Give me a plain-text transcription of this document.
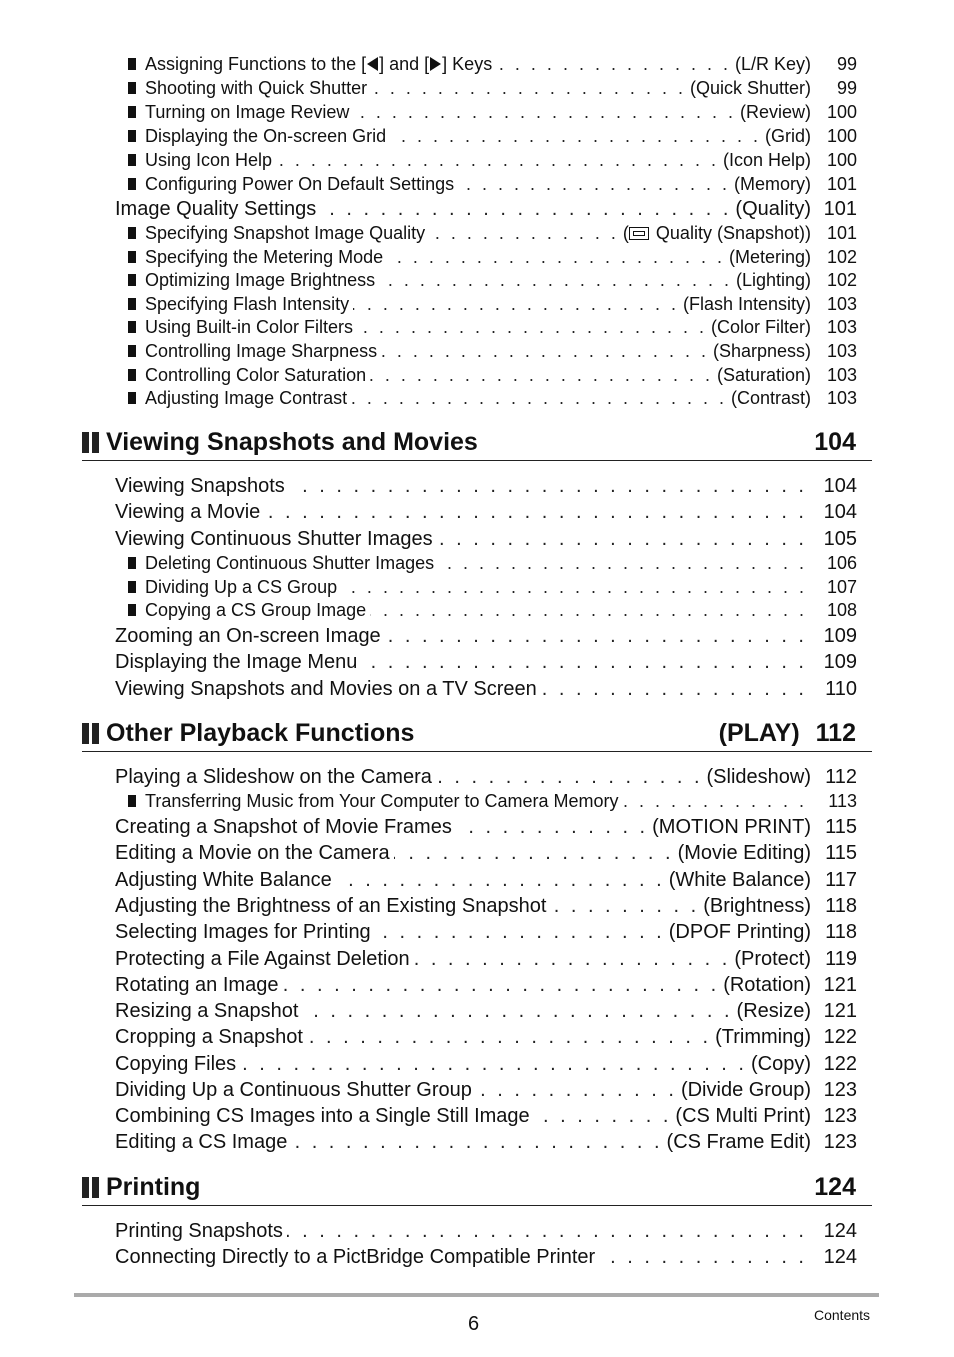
6	Contents
Assigning Functions to the [ ] and [ ] Keys . . .	(L/R Key)	99
Shooting with Quick Shutter . . .	(Quick Shutter)	99
Turning on Image Review . . .	(Review) 100
Displaying the On-screen Grid . . .	(Grid) 100
Using Icon Help . . .	(Icon Help) 100
Configuring Power On Default Settings . . .	(Memory) 101
Image Quality Settings . . .	(Quality) 101
Specifying Snapshot Image Quality . . .	( Quality (Snapshot)) 101
Specifying the Metering Mode . . .	(Metering) 102
Optimizing Image Brightness . . .	(Lighting) 102
Specifying Flash Intensity . . .	(Flash Intensity) 103
Using Built-in Color Filters . . .	(Color Filter) 103
Controlling Image Sharpness . . .	(Sharpness) 103
Controlling Color Saturation . . .	(Saturation) 103
Adjusting Image Contrast . . .	(Contrast) 103
Viewing Snapshots and Movies	104
Viewing Snapshots . . .	104
Viewing a Movie . . .	104
Viewing Continuous Shutter Images . . .	105
Deleting Continuous Shutter Images . . .	106
Dividing Up a CS Group . . .	107
Copying a CS Group Image . . .	108
Zooming an On-screen Image . . .	109
Displaying the Image Menu . . .	109
Viewing Snapshots and Movies on a TV Screen . . .	110
Other Playback Functions	(PLAY) 112
Playing a Slideshow on the Camera . . .	(Slideshow) 112
Transferring Music from Your Computer to Camera Memory . . .	113
Creating a Snapshot of Movie Frames . . .	(MOTION PRINT) 115
Editing a Movie on the Camera . . .	(Movie Editing) 115
Adjusting White Balance . . .	(White Balance) 117
Adjusting the Brightness of an Existing Snapshot . . .	(Brightness) 118
Selecting Images for Printing . . .	(DPOF Printing) 118
Protecting a File Against Deletion . . .	(Protect) 119
Rotating an Image . . .	(Rotation) 121
Resizing a Snapshot . . .	(Resize) 121
Cropping a Snapshot . . .	(Trimming) 122
Copying Files . . .	(Copy) 122
Dividing Up a Continuous Shutter Group . . .	(Divide Group) 123
Combining CS Images into a Single Still Image . . .	(CS Multi Print) 123
Editing a CS Image . . .	(CS Frame Edit) 123
Printing	124
Printing Snapshots . . .	124
Connecting Directly to a PictBridge Compatible Printer . . .	124
